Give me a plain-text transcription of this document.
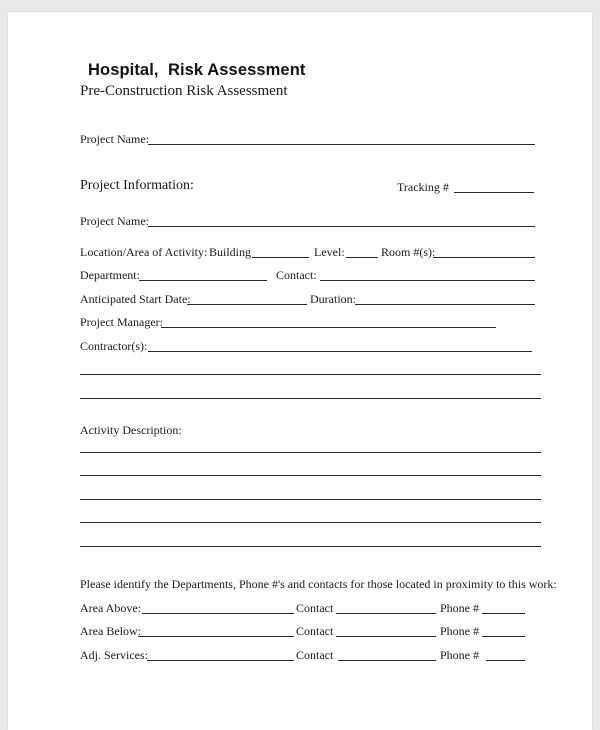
Hospital,  Risk Assessment
Pre-Construction Risk Assessment
Project Name:
Project Information:	Tracking #
Project Name:
Location/Area of Activity: Building	Level:	Room #(s):
Department:	Contact:
Anticipated Start Date:	Duration:
Project Manager:
Contractor(s):
Activity Description:
Please identify the Departments, Phone #'s and contacts for those located in proximity to this work:
Area Above:	Contact	Phone #
Area Below:	Contact	Phone #
Adj. Services:	Contact	Phone #
